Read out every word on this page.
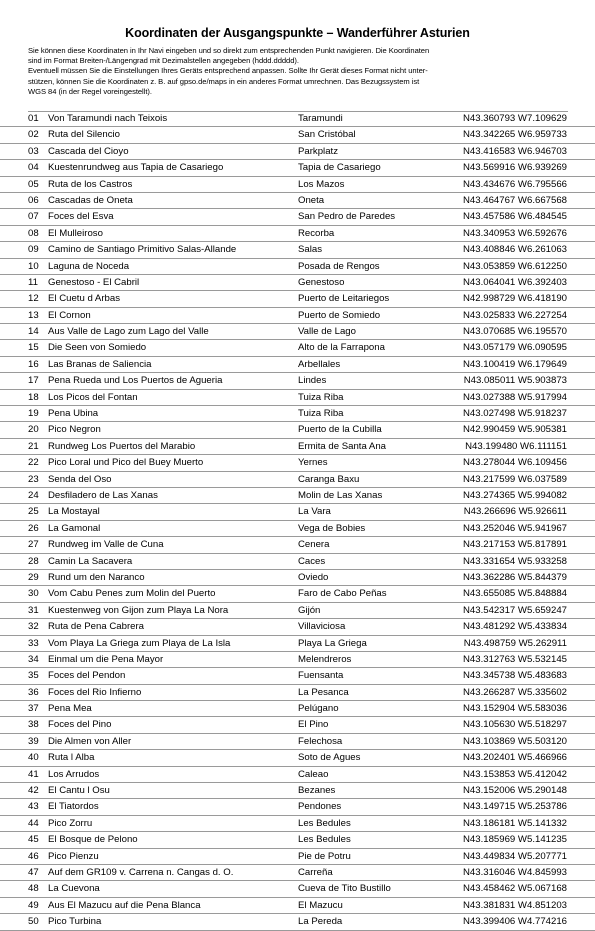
Koordinaten der Ausgangspunkte – Wanderführer Asturien

Sie können diese Koordinaten in Ihr Navi eingeben und so direkt zum entsprechenden Punkt navigieren. Die Koordinaten
sind im Format Breiten-/Längengrad mit Dezimalstellen angegeben (hddd.ddddd).

Eventuell müssen Sie die Einstellungen Ihres Geräts entsprechend anpassen. Sollte Ihr Gerät dieses Format nicht unter-
stützen, können Sie die Koordinaten z. B. auf gpso.de/maps in ein anderes Format umrechnen. Das Bezugssystem ist
WGS 84 (in der Regel voreingestellt).

01 Von Taramundi nach Teixois	Taramundi	N43.360793 W7.109629
02 Ruta del Silencio	San Cristóbal	N43.342265 W6.959733
03 Cascada del Cioyo	Parkplatz	N43.416583 W6.946703
04 Kuestenrundweg aus Tapia de Casariego	Tapia de Casariego	N43.569916 W6.939269
05 Ruta de los Castros	Los Mazos	N43.434676 W6.795566
06 Cascadas de Oneta	Oneta	N43.464767 W6.667568
07 Foces del Esva	San Pedro de Paredes	N43.457586 W6.484545
08 El Mulleiroso	Recorba	N43.340953 W6.592676
09 Camino de Santiago Primitivo Salas-Allande	Salas	N43.408846 W6.261063
10 Laguna de Noceda	Posada de Rengos	N43.053859 W6.612250
11 Genestoso - El Cabril	Genestoso	N43.064041 W6.392403
12 El Cuetu d Arbas	Puerto de Leitariegos	N42.998729 W6.418190
13 El Cornon	Puerto de Somiedo	N43.025833 W6.227254
14 Aus Valle de Lago zum Lago del Valle	Valle de Lago	N43.070685 W6.195570
15 Die Seen von Somiedo	Alto de la Farrapona	N43.057179 W6.090595
16 Las Branas de Saliencia	Arbellales	N43.100419 W6.179649
17 Pena Rueda und Los Puertos de Agueria	Lindes	N43.085011 W5.903873
18 Los Picos del Fontan	Tuiza Riba	N43.027388 W5.917994
19 Pena Ubina	Tuiza Riba	N43.027498 W5.918237
20 Pico Negron	Puerto de la Cubilla	N42.990459 W5.905381
21 Rundweg Los Puertos del Marabio	Ermita de Santa Ana	N43.199480 W6.111151
22 Pico Loral und Pico del Buey Muerto	Yernes	N43.278044 W6.109456
23 Senda del Oso	Caranga Baxu	N43.217599 W6.037589
24 Desfiladero de Las Xanas	Molin de Las Xanas	N43.274365 W5.994082
25 La Mostayal	La Vara	N43.266696 W5.926611
26 La Gamonal	Vega de Bobies	N43.252046 W5.941967
27 Rundweg im Valle de Cuna	Cenera	N43.217153 W5.817891
28 Camin La Sacavera	Caces	N43.331654 W5.933258
29 Rund um den Naranco	Oviedo	N43.362286 W5.844379
30 Vom Cabu Penes zum Molin del Puerto	Faro de Cabo Peñas	N43.655085 W5.848884
31 Kuestenweg von Gijon zum Playa La Nora	Gijón	N43.542317 W5.659247
32 Ruta de Pena Cabrera	Villaviciosa	N43.481292 W5.433834
33 Vom Playa La Griega zum Playa de La Isla	Playa La Griega	N43.498759 W5.262911
34 Einmal um die Pena Mayor	Melendreros	N43.312763 W5.532145
35 Foces del Pendon	Fuensanta	N43.345738 W5.483683
36 Foces del Rio Infierno	La Pesanca	N43.266287 W5.335602
37 Pena Mea	Pelúgano	N43.152904 W5.583036
38 Foces del Pino	El Pino	N43.105630 W5.518297
39 Die Almen von Aller	Felechosa	N43.103869 W5.503120
40 Ruta l Alba	Soto de Agues	N43.202401 W5.466966
41 Los Arrudos	Caleao	N43.153853 W5.412042
42 El Cantu l Osu	Bezanes	N43.152006 W5.290148
43 El Tiatordos	Pendones	N43.149715 W5.253786
44 Pico Zorru	Les Bedules	N43.186181 W5.141332
45 El Bosque de Pelono	Les Bedules	N43.185969 W5.141235
46 Pico Pienzu	Pie de Potru	N43.449834 W5.207771
47 Auf dem GR109 v. Carrena n. Cangas d. O.	Carreña	N43.316046 W4.845993
48 La Cuevona	Cueva de Tito Bustillo	N43.458462 W5.067168
49 Aus El Mazucu auf die Pena Blanca	El Mazucu	N43.381831 W4.851203
50 Pico Turbina	La Pereda	N43.399406 W4.774216
